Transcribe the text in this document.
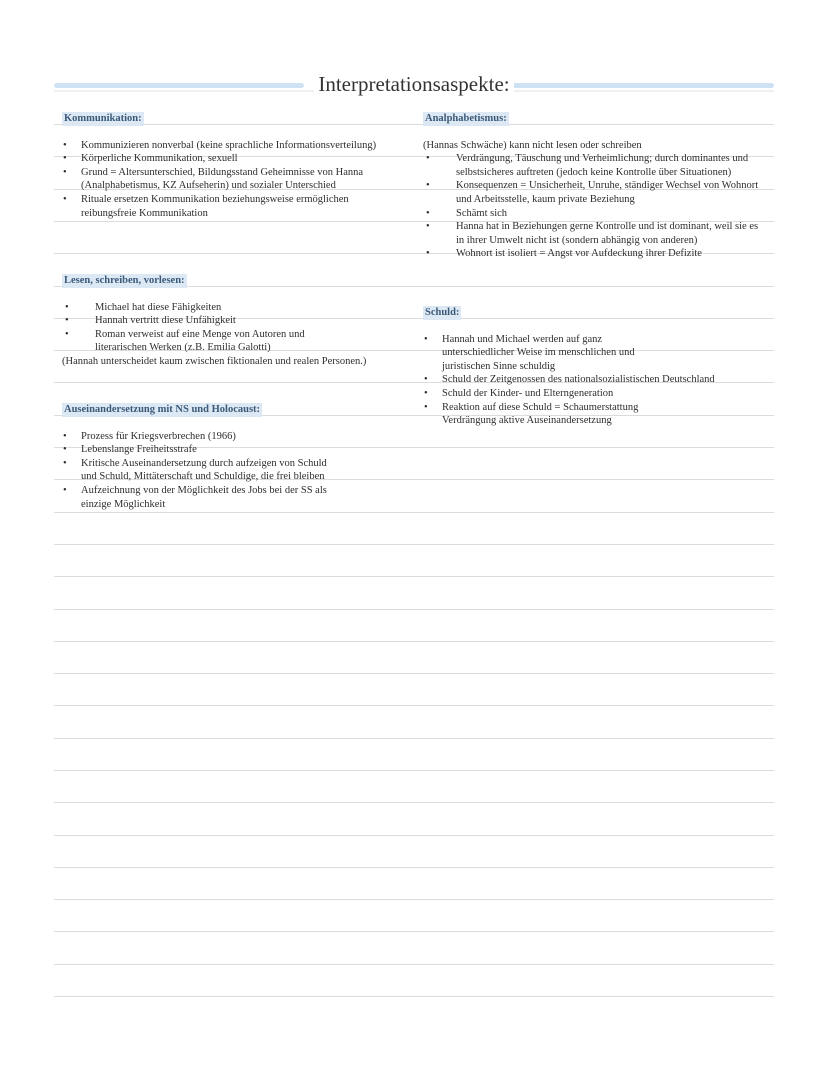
Interpretationsaspekte:
Kommunikation:
• Kommunizieren nonverbal (keine sprachliche Informationsverteilung)
• Körperliche Kommunikation, sexuell
• Grund = Altersunterschied, Bildungsstand Geheimnisse von Hanna (Analphabetismus, KZ Aufseherin) und sozialer Unterschied
• Rituale ersetzen Kommunikation beziehungsweise ermöglichen reibungsfreie Kommunikation
Lesen, schreiben, vorlesen:
• Michael hat diese Fähigkeiten
• Hannah vertritt diese Unfähigkeit
• Roman verweist auf eine Menge von Autoren und literarischen Werken (z.B. Emilia Galotti)

(Hannah unterscheidet kaum zwischen fiktionalen und realen Personen.)

Auseinandersetzung mit NS und Holocaust:
• Prozess für Kriegsverbrechen (1966)
• Lebenslange Freiheitsstrafe
• Kritische Auseinandersetzung durch aufzeigen von Schuld und Schuld, Mittäterschaft und Schuldige, die frei bleiben
• Aufzeichnung von der Möglichkeit des Jobs bei der SS als einzige Möglichkeit
Analphabetismus:

(Hannas Schwäche) kann nicht lesen oder schreiben

• Verdrängung, Täuschung und Verheimlichung; durch dominantes und selbstsicheres auftreten (jedoch keine Kontrolle über Situationen)
• Konsequenzen = Unsicherheit, Unruhe, ständiger Wechsel von Wohnort und Arbeitsstelle, kaum private Beziehung
• Schämt sich
• Hanna hat in Beziehungen gerne Kontrolle und ist dominant, weil sie es in ihrer Umwelt nicht ist (sondern abhängig von anderen)
• Wohnort ist isoliert = Angst vor Aufdeckung ihrer Defizite
Schuld:
• Hannah und Michael werden auf ganz unterschiedlicher Weise im menschlichen und juristischen Sinne schuldig
• Schuld der Zeitgenossen des nationalsozialistischen Deutschland
• Schuld der Kinder- und Elterngeneration
• Reaktion auf diese Schuld = Schaumerstattung Verdrängung aktive Auseinandersetzung
